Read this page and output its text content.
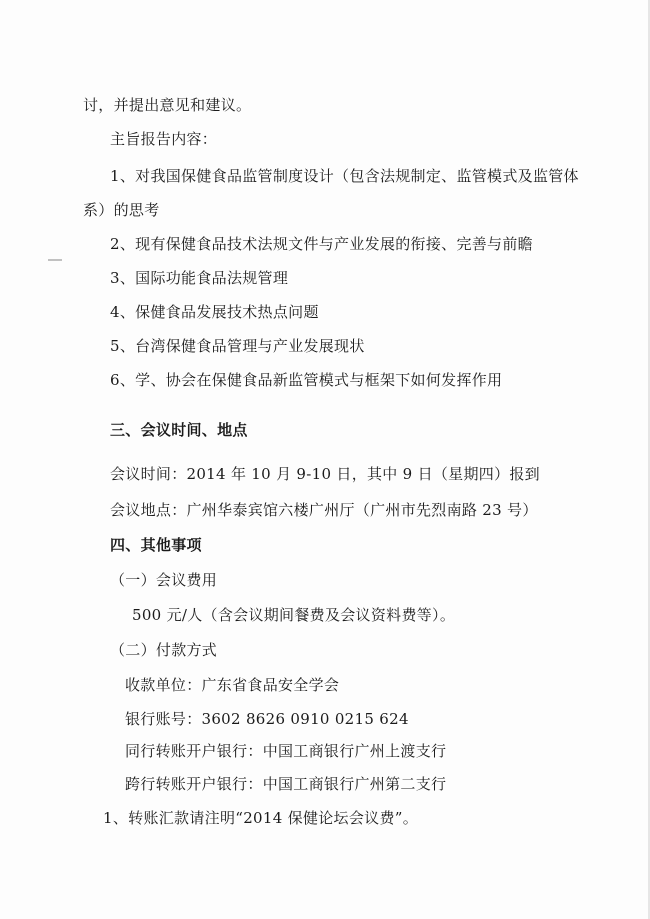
讨，并提出意见和建议。
主旨报告内容：
1、对我国保健食品监管制度设计（包含法规制定、监管模式及监管体
系）的思考
2、现有保健食品技术法规文件与产业发展的衔接、完善与前瞻
3、国际功能食品法规管理
4、保健食品发展技术热点问题
5、台湾保健食品管理与产业发展现状
6、学、协会在保健食品新监管模式与框架下如何发挥作用
三、会议时间、地点
会议时间：2014 年 10 月 9-10 日，其中 9 日（星期四）报到
会议地点：广州华泰宾馆六楼广州厅（广州市先烈南路 23 号）
四、其他事项
（一）会议费用
500 元/人（含会议期间餐费及会议资料费等）。
（二）付款方式
收款单位：广东省食品安全学会
银行账号：3602 8626 0910 0215 624
同行转账开户银行：中国工商银行广州上渡支行
跨行转账开户银行：中国工商银行广州第二支行
1、转账汇款请注明“2014 保健论坛会议费”。
